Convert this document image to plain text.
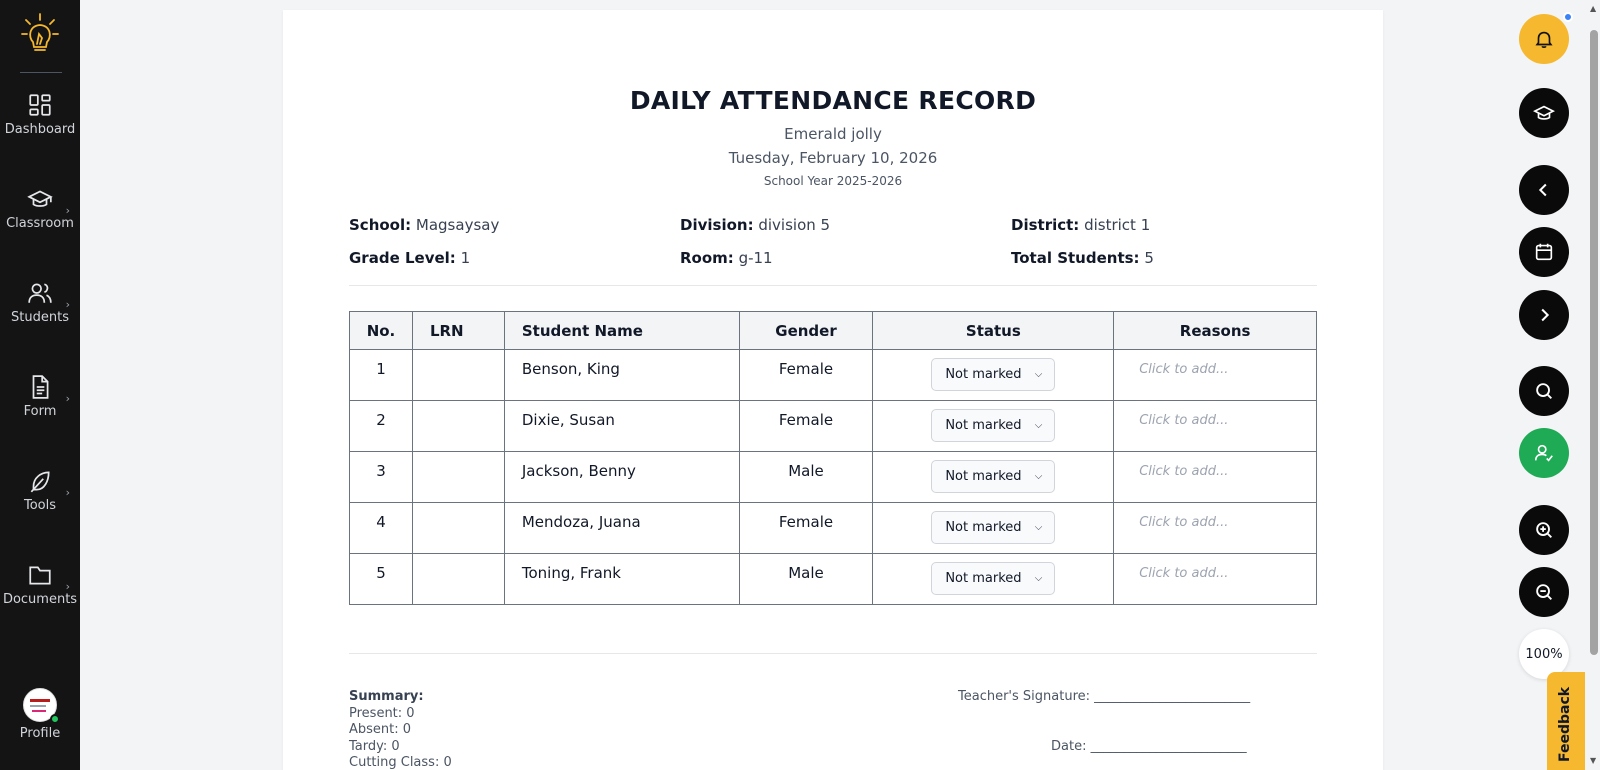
Dashboard
Classroom
›
Students
›
Form
›
Tools
›
Documents
›
Profile
DAILY ATTENDANCE RECORD
Emerald jolly
Tuesday, February 10, 2026
School Year 2025-2026
School: Magsaysay	Division: division 5	District: district 1
Grade Level: 1	Room: g-11	Total Students: 5
No.	LRN	Student Name	Gender	Status	Reasons
1		Benson, King	Female	Not marked ⌵	Click to add...

2		Dixie, Susan	Female	Not marked ⌵	Click to add...

3		Jackson, Benny	Male	Not marked ⌵	Click to add...

4		Mendoza, Juana	Female	Not marked ⌵	Click to add...

5		Toning, Frank	Male	Not marked ⌵	Click to add...
Summary:
Present: 0
Absent: 0
Tardy: 0
Cutting Class: 0
Teacher's Signature: ________________________
Date: ________________________
100%
Feedback
▲
▼
